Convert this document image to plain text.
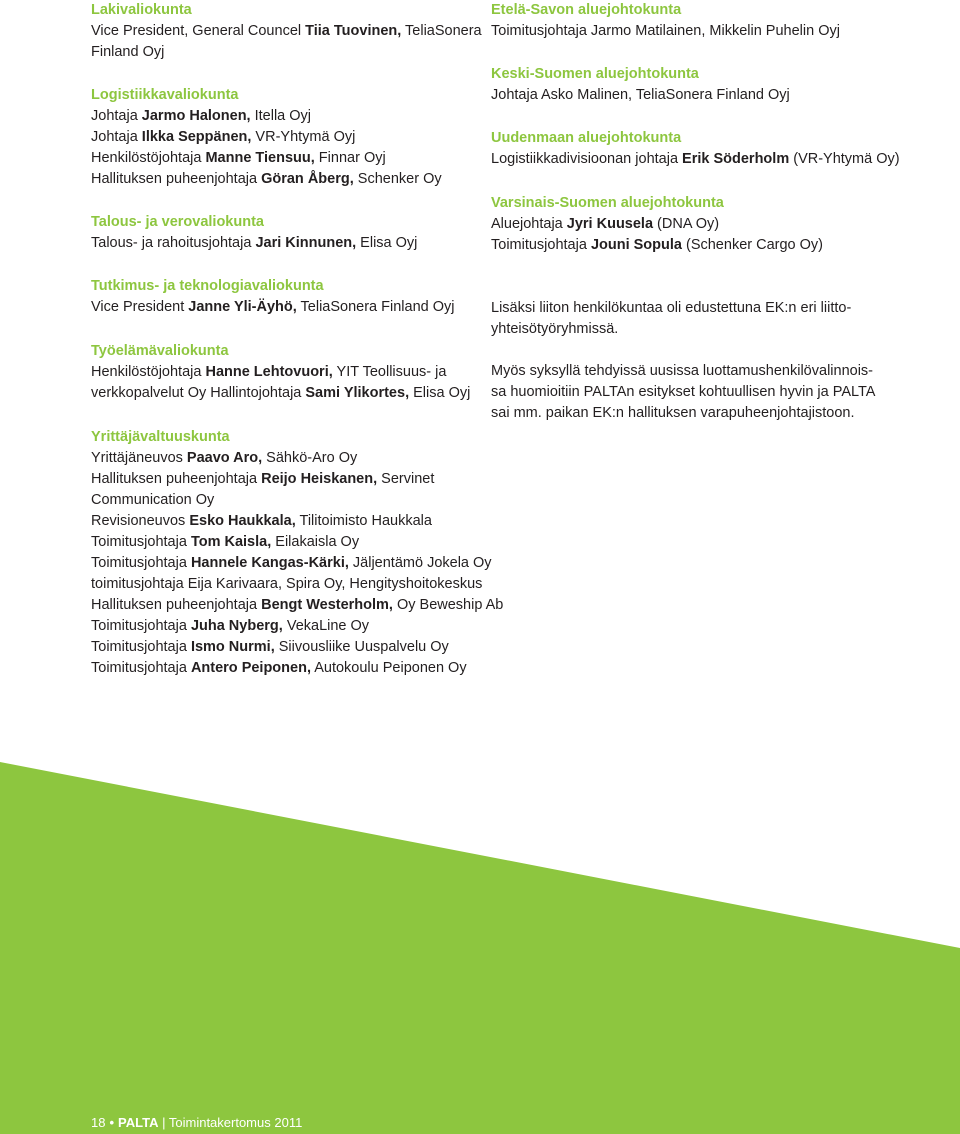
Lakivaliokunta

Vice President, General Councel Tiia Tuovinen, TeliaSonera

Finland Oyj

Logistiikkavaliokunta

Johtaja Jarmo Halonen, Itella Oyj

Johtaja Ilkka Seppänen, VR-Yhtymä Oyj

Henkilöstöjohtaja Manne Tiensuu, Finnar Oyj

Hallituksen puheenjohtaja Göran Åberg, Schenker Oy

Talous- ja verovaliokunta

Talous- ja rahoitusjohtaja Jari Kinnunen, Elisa Oyj

Tutkimus- ja teknologiavaliokunta

Vice President Janne Yli-Äyhö, TeliaSonera Finland Oyj

Työelämävaliokunta

Henkilöstöjohtaja Hanne Lehtovuori, YIT Teollisuus- ja

verkkopalvelut Oy Hallintojohtaja Sami Ylikortes, Elisa Oyj

Yrittäjävaltuuskunta

Yrittäjäneuvos Paavo Aro, Sähkö-Aro Oy

Hallituksen puheenjohtaja Reijo Heiskanen, Servinet

Communication Oy

Revisioneuvos Esko Haukkala, Tilitoimisto Haukkala

Toimitusjohtaja Tom Kaisla, Eilakaisla Oy

Toimitusjohtaja Hannele Kangas-Kärki, Jäljentämö Jokela Oy

toimitusjohtaja Eija Karivaara, Spira Oy, Hengityshoitokeskus

Hallituksen puheenjohtaja Bengt Westerholm, Oy Beweship Ab

Toimitusjohtaja Juha Nyberg, VekaLine Oy

Toimitusjohtaja Ismo Nurmi, Siivousliike Uuspalvelu Oy

Toimitusjohtaja Antero Peiponen, Autokoulu Peiponen Oy

Etelä-Savon aluejohtokunta

Toimitusjohtaja Jarmo Matilainen, Mikkelin Puhelin Oyj

Keski-Suomen aluejohtokunta

Johtaja Asko Malinen, TeliaSonera Finland Oyj

Uudenmaan aluejohtokunta

Logistiikkadivisioonan johtaja Erik Söderholm (VR-Yhtymä Oy)

Varsinais-Suomen aluejohtokunta

Aluejohtaja Jyri Kuusela (DNA Oy)

Toimitusjohtaja Jouni Sopula (Schenker Cargo Oy)

Lisäksi liiton henkilökuntaa oli edustettuna EK:n eri liitto-

yhteisötyöryhmissä.

Myös syksyllä tehdyissä uusissa luottamushenkilövalinnois-

sa huomioitiin PALTAn esitykset kohtuullisen hyvin ja PALTA

sai mm. paikan EK:n hallituksen varapuheenjohtajistoon.

18 • PALTA | Toimintakertomus 2011
